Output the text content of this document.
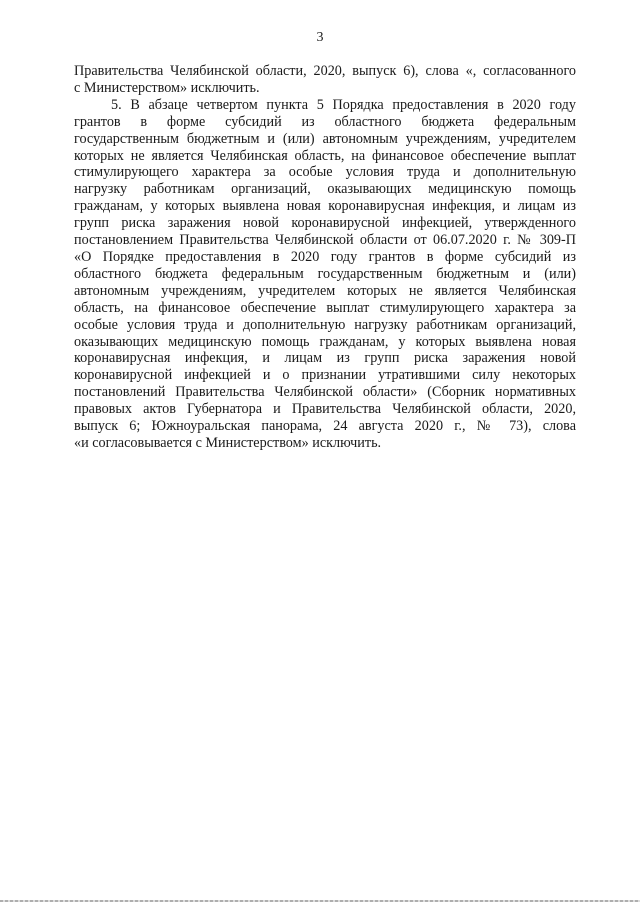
3
Правительства Челябинской области, 2020, выпуск 6), слова «, согласованного
с Министерством» исключить.
5. В абзаце четвертом пункта 5 Порядка предоставления в 2020 году
грантов в форме субсидий из областного бюджета федеральным
государственным бюджетным и (или) автономным учреждениям, учредителем
которых не является Челябинская область, на финансовое обеспечение выплат
стимулирующего характера за особые условия труда и дополнительную
нагрузку работникам организаций, оказывающих медицинскую помощь
гражданам, у которых выявлена новая коронавирусная инфекция, и лицам из
групп риска заражения новой коронавирусной инфекцией, утвержденного
постановлением Правительства Челябинской области от 06.07.2020 г. № 309-П
«О Порядке предоставления в 2020 году грантов в форме субсидий из
областного бюджета федеральным государственным бюджетным и (или)
автономным учреждениям, учредителем которых не является Челябинская
область, на финансовое обеспечение выплат стимулирующего характера за
особые условия труда и дополнительную нагрузку работникам организаций,
оказывающих медицинскую помощь гражданам, у которых выявлена новая
коронавирусная инфекция, и лицам из групп риска заражения новой
коронавирусной инфекцией и о признании утратившими силу некоторых
постановлений Правительства Челябинской области» (Сборник нормативных
правовых актов Губернатора и Правительства Челябинской области, 2020,
выпуск 6; Южноуральская панорама, 24 августа 2020 г., № 73), слова
«и согласовывается с Министерством» исключить.
